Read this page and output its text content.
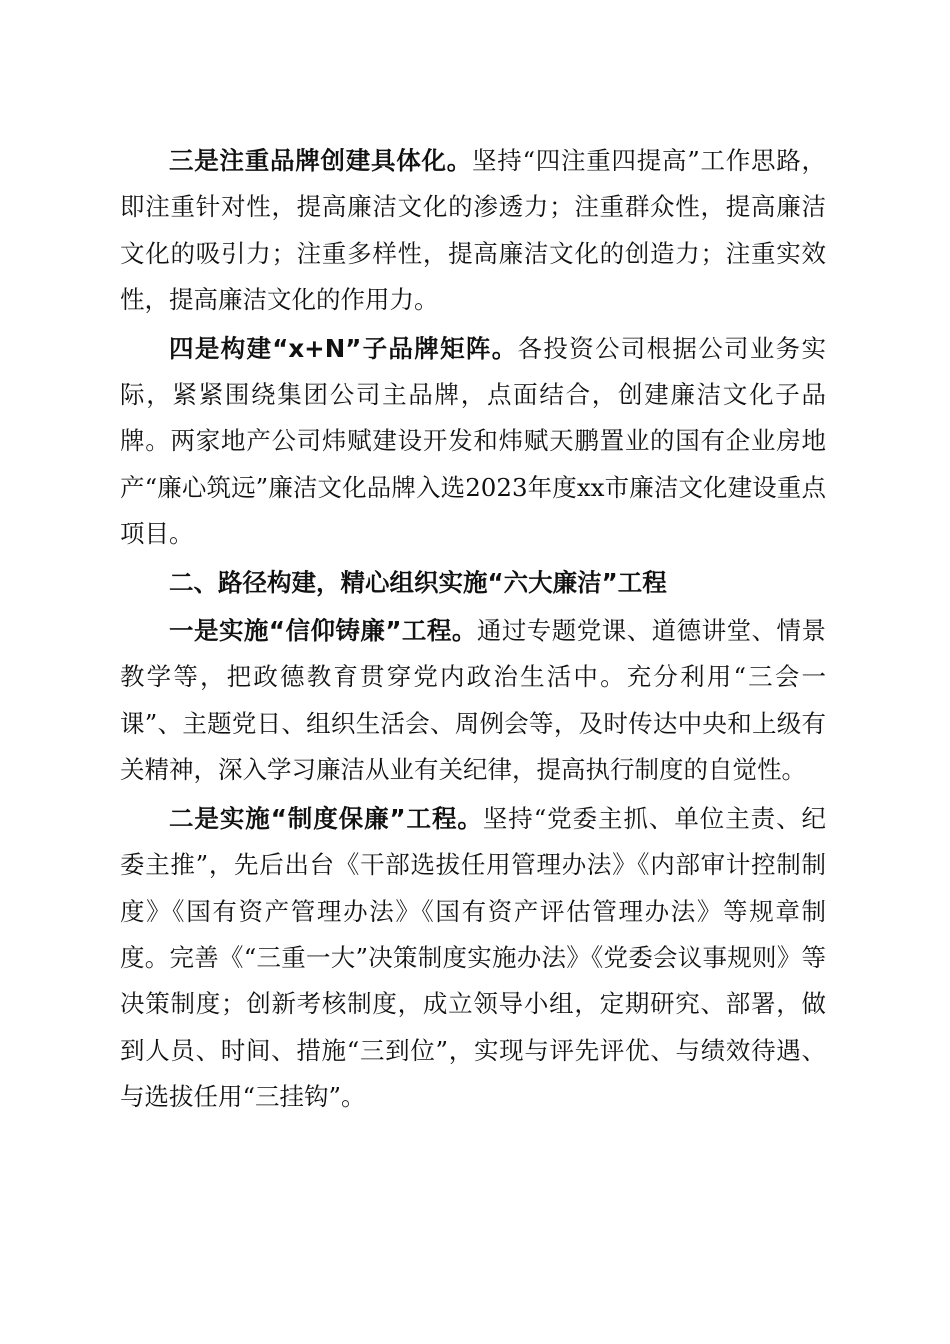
三是注重品牌创建具体化。坚持“四注重四提高”工作思路，即注重针对性，提高廉洁文化的渗透力；注重群众性，提高廉洁文化的吸引力；注重多样性，提高廉洁文化的创造力；注重实效性，提高廉洁文化的作用力。

四是构建“x+N”子品牌矩阵。各投资公司根据公司业务实际，紧紧围绕集团公司主品牌，点面结合，创建廉洁文化子品牌。两家地产公司炜赋建设开发和炜赋天鹏置业的国有企业房地产“廉心筑远”廉洁文化品牌入选2023年度xx市廉洁文化建设重点项目。

二、路径构建，精心组织实施“六大廉洁”工程

一是实施“信仰铸廉”工程。通过专题党课、道德讲堂、情景教学等，把政德教育贯穿党内政治生活中。充分利用“三会一课”、主题党日、组织生活会、周例会等，及时传达中央和上级有关精神，深入学习廉洁从业有关纪律，提高执行制度的自觉性。

二是实施“制度保廉”工程。坚持“党委主抓、单位主责、纪委主推”，先后出台《干部选拔任用管理办法》《内部审计控制制度》《国有资产管理办法》《国有资产评估管理办法》等规章制度。完善《“三重一大”决策制度实施办法》《党委会议事规则》等决策制度；创新考核制度，成立领导小组，定期研究、部署，做到人员、时间、措施“三到位”，实现与评先评优、与绩效待遇、与选拔任用“三挂钩”。
